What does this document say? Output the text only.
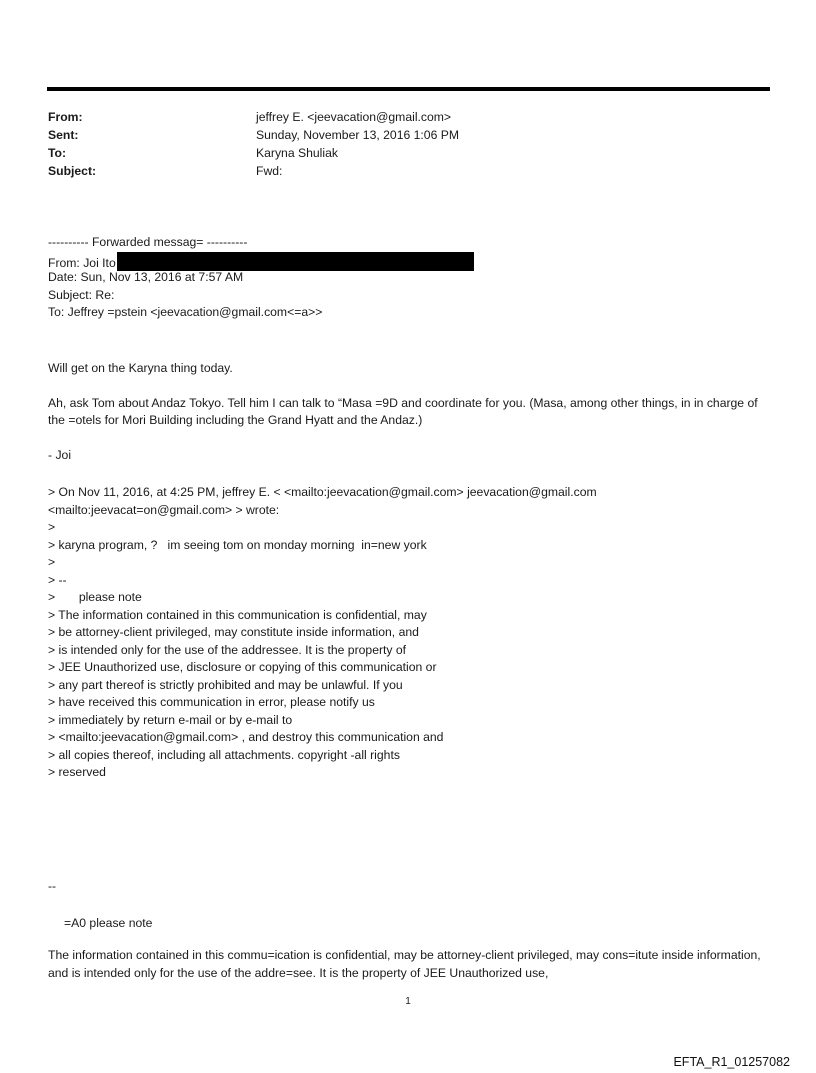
From:	jeffrey E. <jeevacation@gmail.com>
Sent:	Sunday, November 13, 2016 1:06 PM
To:	Karyna Shuliak
Subject:	Fwd:
---------- Forwarded messag= ----------
From: Joi Ito
Date: Sun, Nov 13, 2016 at 7:57 AM
Subject: Re:
To: Jeffrey =pstein <jeevacation@gmail.com<=a>>

Will get on the Karyna thing today.

Ah, ask Tom about Andaz Tokyo. Tell him I can talk to “Masa =9D and coordinate for you. (Masa, among other things, in in charge of the =otels for Mori Building including the Grand Hyatt and the Andaz.)

- Joi

> On Nov 11, 2016, at 4:25 PM, jeffrey E. < <mailto:jeevacation@gmail.com> jeevacation@gmail.com
<mailto:jeevacat=on@gmail.com> > wrote:
>
> karyna program, ?   im seeing tom on monday morning  in=new york
>
> --
>       please note
> The information contained in this communication is confidential, may
> be attorney-client privileged, may constitute inside information, and
> is intended only for the use of the addressee. It is the property of
> JEE Unauthorized use, disclosure or copying of this communication or
> any part thereof is strictly prohibited and may be unlawful. If you
> have received this communication in error, please notify us
> immediately by return e-mail or by e-mail to
> <mailto:jeevacation@gmail.com> , and destroy this communication and
> all copies thereof, including all attachments. copyright -all rights
> reserved
--
=A0 please note
The information contained in this commu=ication is confidential, may be attorney-client privileged, may cons=itute inside information, and is intended only for the use of the addre=see. It is the property of JEE Unauthorized use,
1
EFTA_R1_01257082
